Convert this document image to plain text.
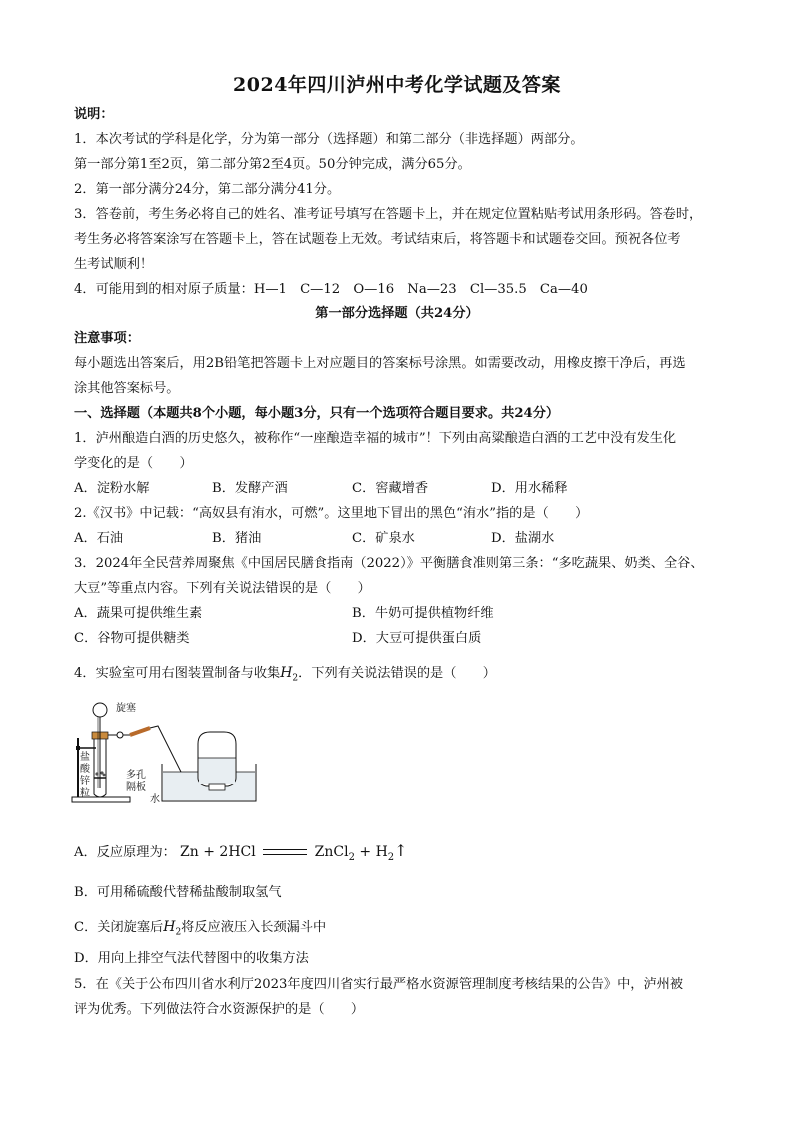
2024年四川泸州中考化学试题及答案
说明：
1．本次考试的学科是化学，分为第一部分（选择题）和第二部分（非选择题）两部分。
第一部分第1至2页，第二部分第2至4页。50分钟完成，满分65分。
2．第一部分满分24分，第二部分满分41分。
3．答卷前，考生务必将自己的姓名、准考证号填写在答题卡上，并在规定位置粘贴考试用条形码。答卷时，
考生务必将答案涂写在答题卡上，答在试题卷上无效。考试结束后，将答题卡和试题卷交回。预祝各位考
生考试顺利！
4．可能用到的相对原子质量：H—1　C—12　O—16　Na—23　Cl—35.5　Ca—40
第一部分选择题（共24分）
注意事项：
每小题选出答案后，用2B铅笔把答题卡上对应题目的答案标号涂黑。如需要改动，用橡皮擦干净后，再选
涂其他答案标号。
一、选择题（本题共8个小题，每小题3分，只有一个选项符合题目要求。共24分）
1．泸州酿造白酒的历史悠久，被称作“一座酿造幸福的城市”！下列由高粱酿造白酒的工艺中没有发生化
学变化的是（　　）
A．淀粉水解	B．发酵产酒	C．窖藏增香	D．用水稀释
2.《汉书》中记载：“高奴县有洧水，可燃”。这里地下冒出的黑色“洧水”指的是（　　）
A．石油	B．猪油	C．矿泉水	D．盐湖水
3．2024年全民营养周聚焦《中国居民膳食指南（2022）》平衡膳食准则第三条：“多吃蔬果、奶类、全谷、
大豆”等重点内容。下列有关说法错误的是（　　）
A．蔬果可提供维生素	B．牛奶可提供植物纤维
C．谷物可提供糖类	D．大豆可提供蛋白质
4．实验室可用右图装置制备与收集$H_2$．下列有关说法错误的是（　　）
旋塞
盐
酸
锌
粒
多孔
隔板
水
A．反应原理为： Zn + 2HCl	ZnCl$_2$ + $H_2↑$
B．可用稀硫酸代替稀盐酸制取氢气
C．关闭旋塞后$H_2$将反应液压入长颈漏斗中
D．用向上排空气法代替图中的收集方法
5．在《关于公布四川省水利厅2023年度四川省实行最严格水资源管理制度考核结果的公告》中，泸州被
评为优秀。下列做法符合水资源保护的是（　　）
